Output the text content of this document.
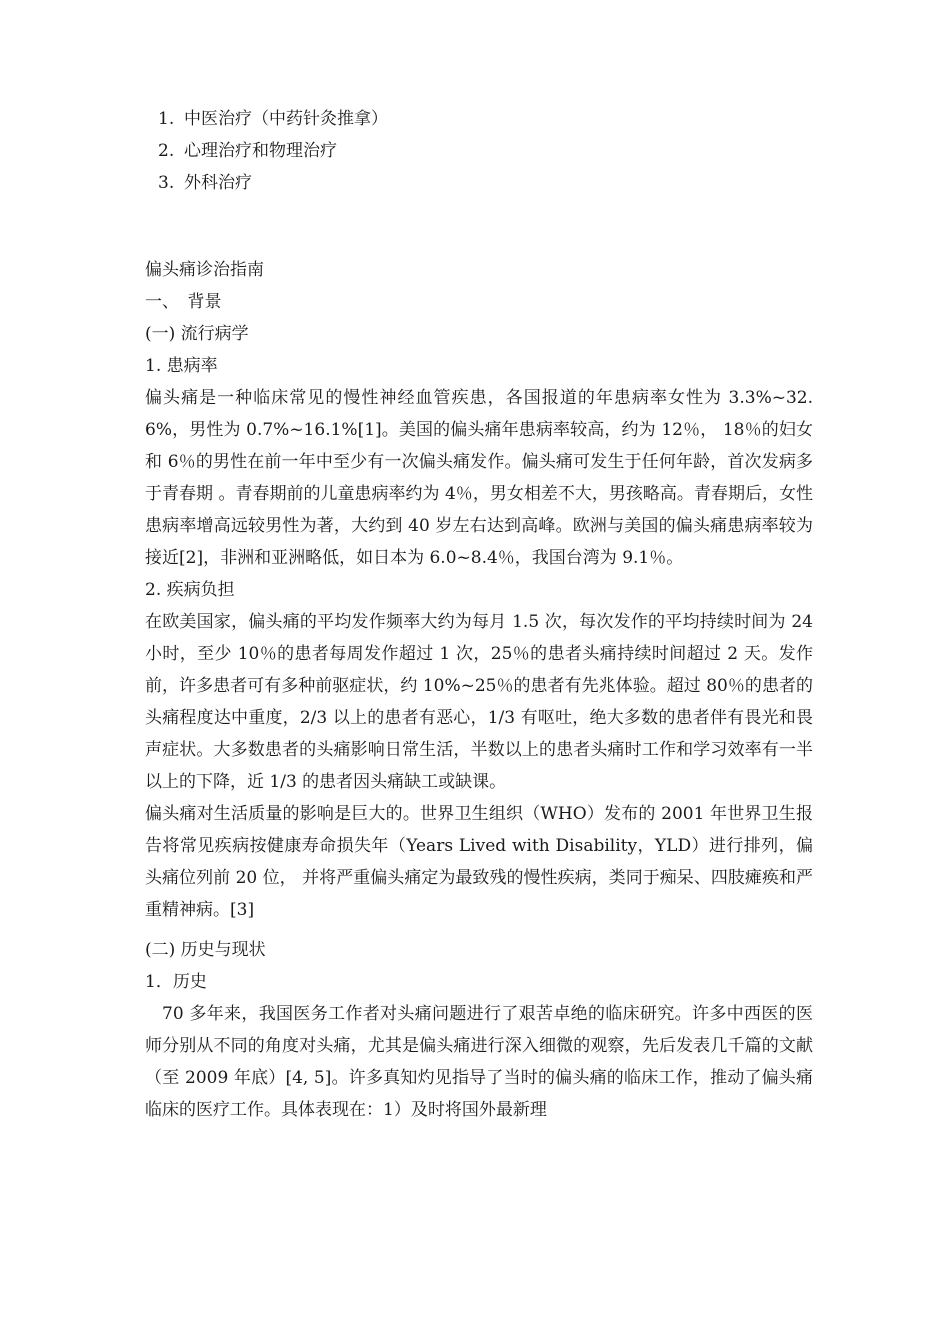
1. 中医治疗（中药针灸推拿）
2. 心理治疗和物理治疗
3. 外科治疗
偏头痛诊治指南
一、　背景
(一) 流行病学
1. 患病率

偏头痛是一种临床常见的慢性神经血管疾患，各国报道的年患病率女性为 3.3%~32.6%，男性为 0.7%~16.1%[1]。美国的偏头痛年患病率较高，约为 12％， 18％的妇女和 6％的男性在前一年中至少有一次偏头痛发作。偏头痛可发生于任何年龄，首次发病多于青春期 。青春期前的儿童患病率约为 4％，男女相差不大，男孩略高。青春期后，女性患病率增高远较男性为著，大约到 40 岁左右达到高峰。欧洲与美国的偏头痛患病率较为接近[2]，非洲和亚洲略低，如日本为 6.0~8.4％，我国台湾为 9.1％。

2. 疾病负担

在欧美国家，偏头痛的平均发作频率大约为每月 1.5 次，每次发作的平均持续时间为 24 小时，至少 10％的患者每周发作超过 1 次，25％的患者头痛持续时间超过 2 天。发作前，许多患者可有多种前驱症状，约 10%~25％的患者有先兆体验。超过 80％的患者的头痛程度达中重度，2/3 以上的患者有恶心，1/3 有呕吐，绝大多数的患者伴有畏光和畏声症状。大多数患者的头痛影响日常生活，半数以上的患者头痛时工作和学习效率有一半以上的下降，近 1/3 的患者因头痛缺工或缺课。

偏头痛对生活质量的影响是巨大的。世界卫生组织（WHO）发布的 2001 年世界卫生报告将常见疾病按健康寿命损失年（Years Lived with Disability，YLD）进行排列，偏头痛位列前 20 位， 并将严重偏头痛定为最致残的慢性疾病，类同于痴呆、四肢瘫痪和严重精神病。[3]

(二) 历史与现状
1．历史

70 多年来，我国医务工作者对头痛问题进行了艰苦卓绝的临床研究。许多中西医的医师分别从不同的角度对头痛，尤其是偏头痛进行深入细微的观察，先后发表几千篇的文献（至 2009 年底）[4, 5]。许多真知灼见指导了当时的偏头痛的临床工作，推动了偏头痛临床的医疗工作。具体表现在：1）及时将国外最新理
